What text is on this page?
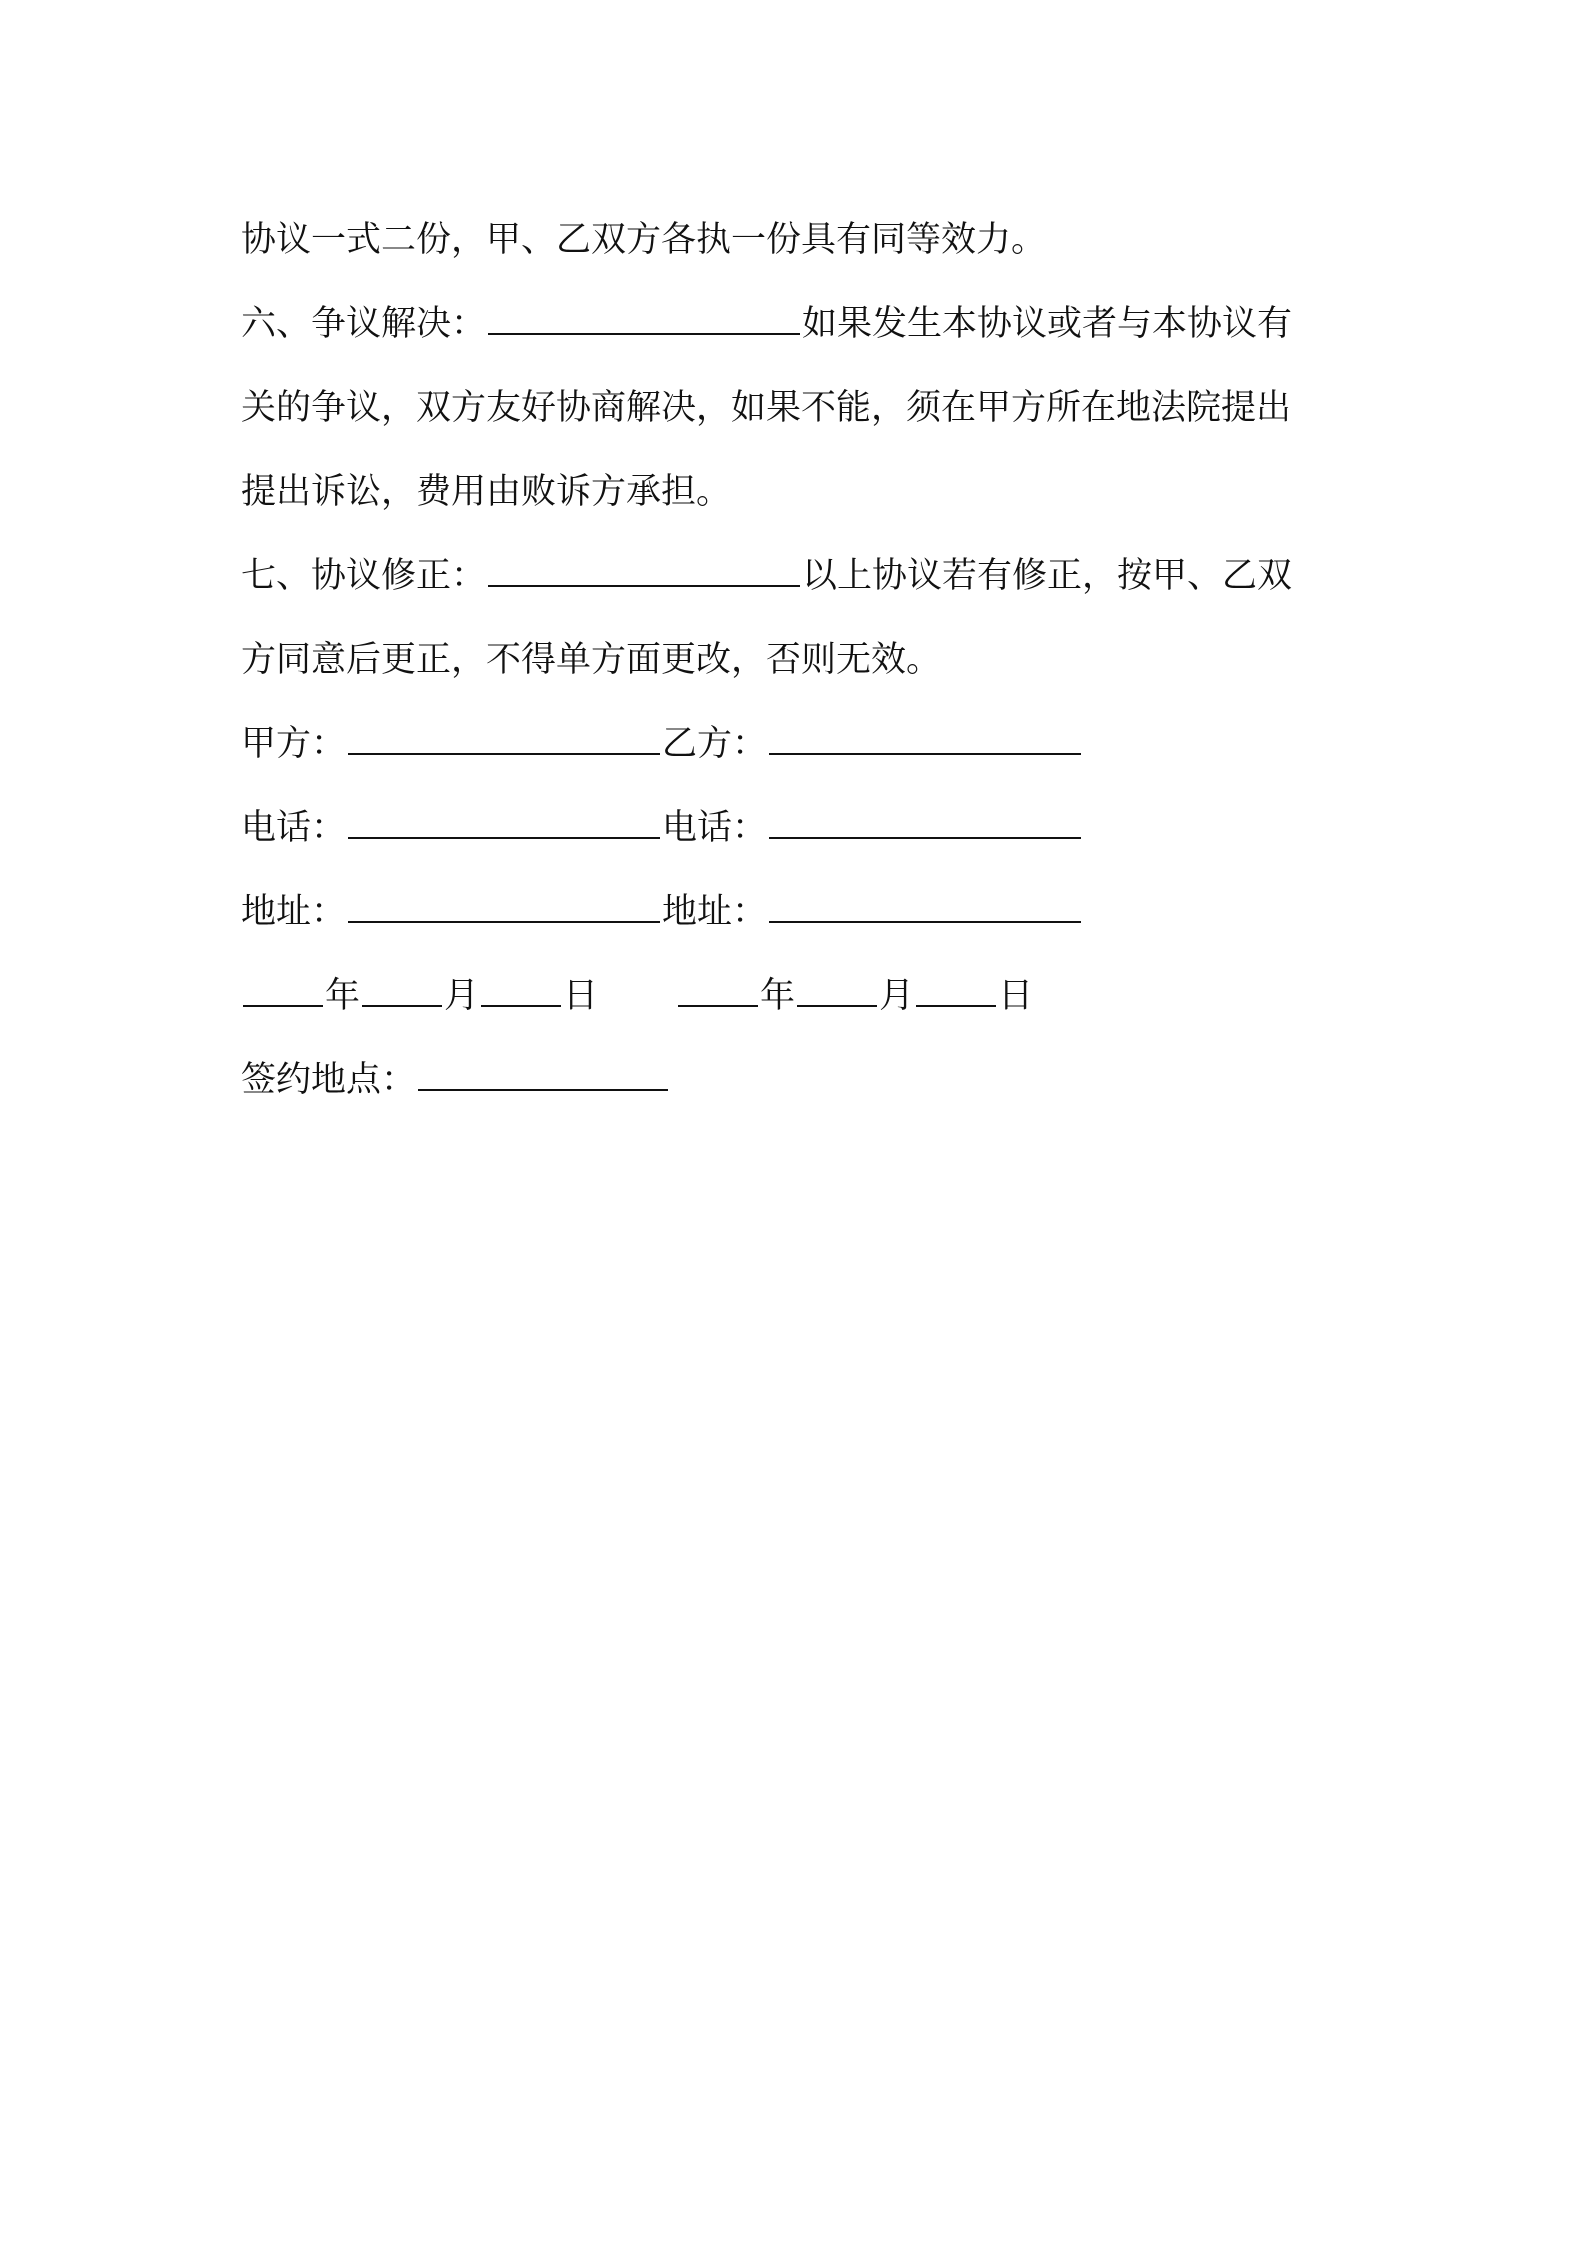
协议一式二份，甲、乙双方各执一份具有同等效力。

六、争议解决：	如果发生本协议或者与本协议有
关的争议，双方友好协商解决，如果不能，须在甲方所在地法院提出
提出诉讼，费用由败诉方承担。

七、协议修正：	以上协议若有修正，按甲、乙双
方同意后更正，不得单方面更改，否则无效。

甲方：	乙方：
电话：	电话：
地址：	地址：
年 月 日	年 月 日
签约地点：
